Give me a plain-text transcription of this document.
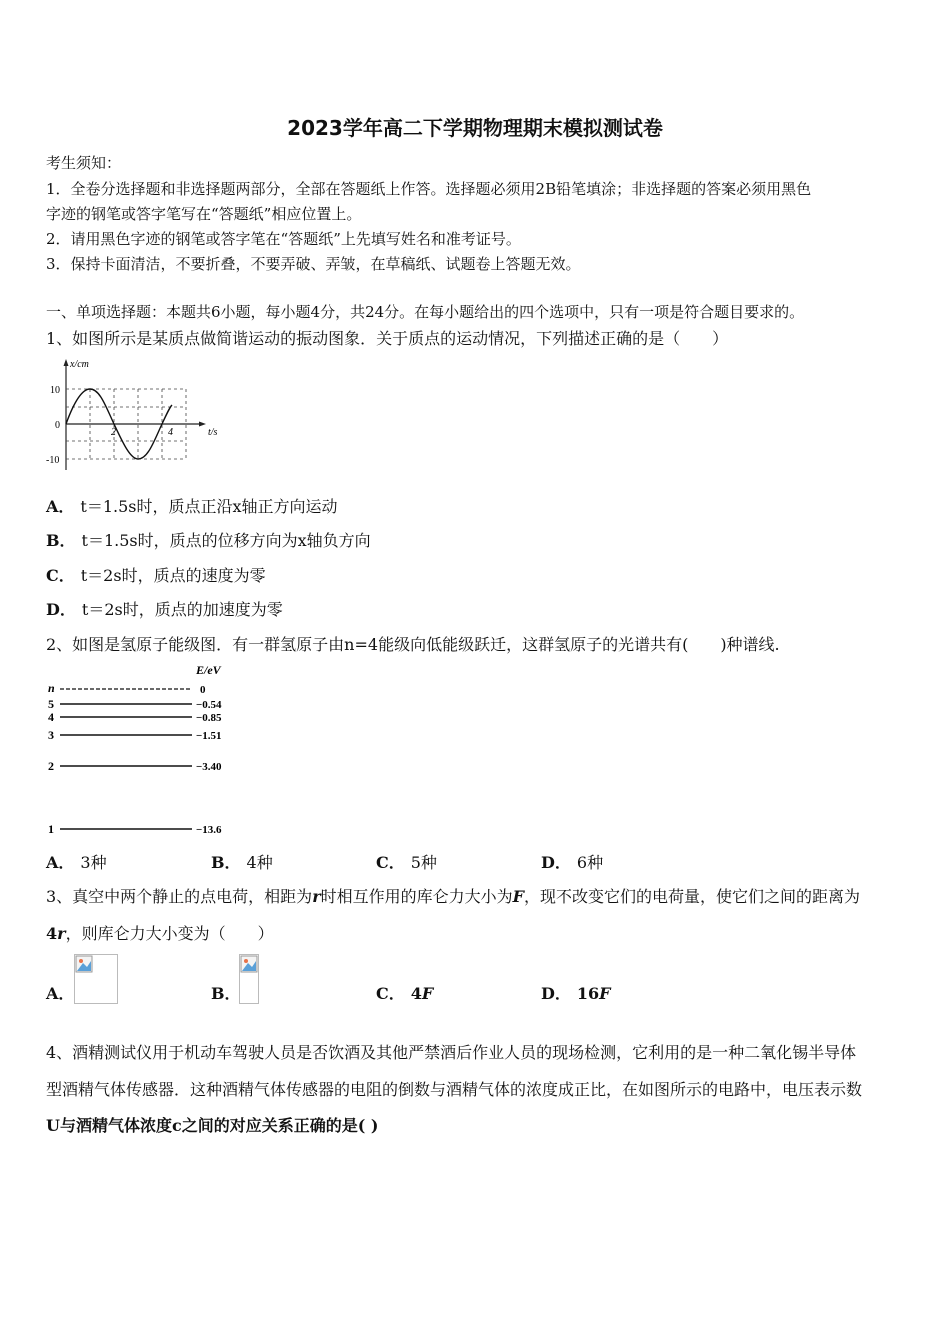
2023学年高二下学期物理期末模拟测试卷
考生须知：
1．全卷分选择题和非选择题两部分，全部在答题纸上作答。选择题必须用2B铅笔填涂；非选择题的答案必须用黑色
字迹的钢笔或答字笔写在“答题纸”相应位置上。
2．请用黑色字迹的钢笔或答字笔在“答题纸”上先填写姓名和准考证号。
3．保持卡面清洁，不要折叠，不要弄破、弄皱，在草稿纸、试题卷上答题无效。
一、单项选择题：本题共6小题，每小题4分，共24分。在每小题给出的四个选项中，只有一项是符合题目要求的。
1、如图所示是某质点做简谐运动的振动图象．关于质点的运动情况，下列描述正确的是（　　）
x/cm
t/s
10
0
-10
2	4
A． t＝1.5s时，质点正沿x轴正方向运动
B． t＝1.5s时，质点的位移方向为x轴负方向
C． t＝2s时，质点的速度为零
D． t＝2s时，质点的加速度为零
2、如图是氢原子能级图．有一群氢原子由n=4能级向低能级跃迁，这群氢原子的光谱共有(　　)种谱线.
E/eV
n	0
5	−0.54
4	−0.85
3	−1.51
2	−3.40
1	−13.6
A． 3种	B． 4种	C． 5种	D． 6种
3、真空中两个静止的点电荷，相距为r时相互作用的库仑力大小为F，现不改变它们的电荷量，使它们之间的距离为
4r，则库仑力大小变为（　　）
A．	B．	C． 4F	D． 16F
4、酒精测试仪用于机动车驾驶人员是否饮酒及其他严禁酒后作业人员的现场检测，它利用的是一种二氧化锡半导体
型酒精气体传感器．这种酒精气体传感器的电阻的倒数与酒精气体的浓度成正比，在如图所示的电路中，电压表示数
U与酒精气体浓度c之间的对应关系正确的是( )
